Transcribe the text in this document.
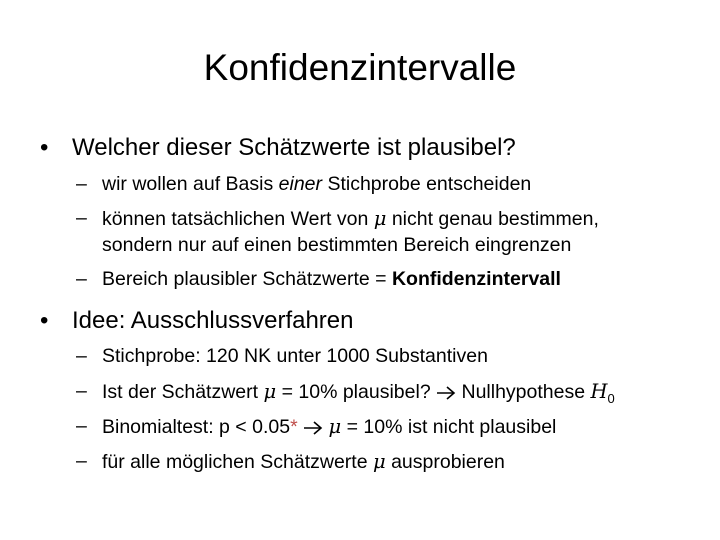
Konfidenzintervalle
• Welcher dieser Schätzwerte ist plausibel?
– wir wollen auf Basis einer Stichprobe entscheiden
– können tatsächlichen Wert von μ nicht genau bestimmen,
sondern nur auf einen bestimmten Bereich eingrenzen
– Bereich plausibler Schätzwerte = Konfidenzintervall
• Idee: Ausschlussverfahren
– Stichprobe: 120 NK unter 1000 Substantiven
– Ist der Schätzwert μ = 10% plausibel?  Nullhypothese $H_0$
– Binomialtest: p < 0.05* μ = 10% ist nicht plausibel
– für alle möglichen Schätzwerte μ ausprobieren
